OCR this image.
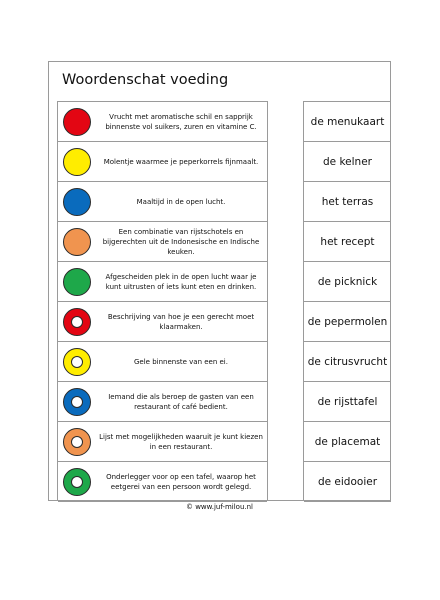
Woordenschat voeding
Vrucht met aromatische schil en sapprijk binnenste vol suikers, zuren en vitamine C.
Molentje waarmee je peperkorrels fijnmaalt.
Maaltijd in de open lucht.
Een combinatie van rijstschotels en bijgerechten uit de Indonesische en Indische keuken.
Afgescheiden plek in de open lucht waar je kunt uitrusten of iets kunt eten en drinken.
Beschrijving van hoe je een gerecht moet klaarmaken.
Gele binnenste van een ei.
Iemand die als beroep de gasten van een restaurant of café bedient.
Lijst met mogelijkheden waaruit je kunt kiezen in een restaurant.
Onderlegger voor op een tafel, waarop het eetgerei van een persoon wordt gelegd.
de menukaart
de kelner
het terras
het recept
de picknick
de pepermolen
de citrusvrucht
de rijsttafel
de placemat
de eidooier
© www.juf-milou.nl
